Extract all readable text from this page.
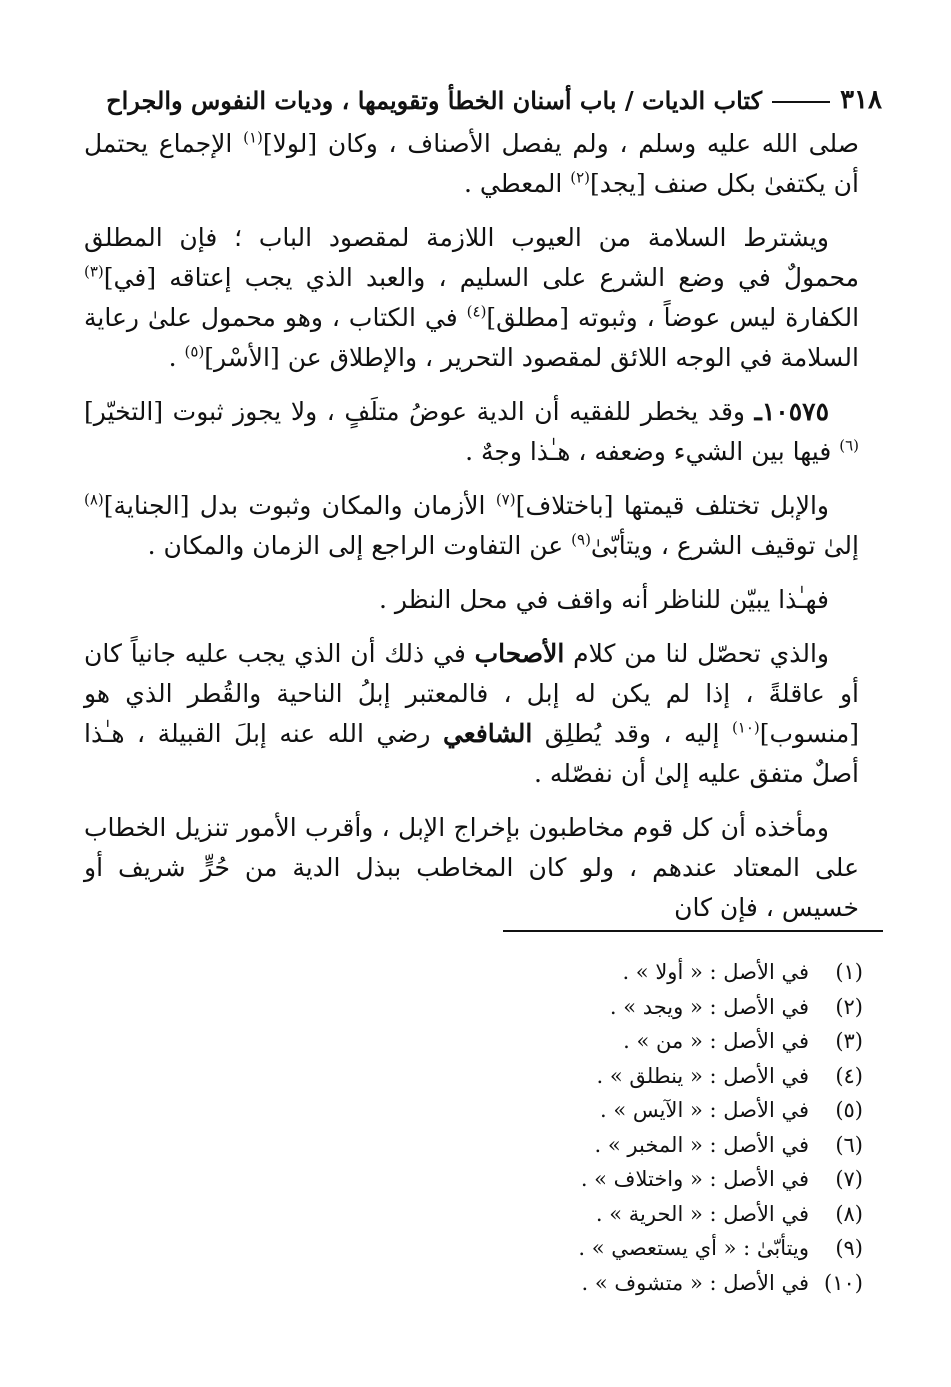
٣١٨
كتاب الديات / باب أسنان الخطأ وتقويمها ، وديات النفوس والجراح

صلى الله عليه وسلم ، ولم يفصل الأصناف ، وكان [لولا]$^{(١)}$ الإجماع يحتمل أن يكتفىٰ بكل صنف [يجد]$^{(٢)}$ المعطي .

ويشترط السلامة من العيوب اللازمة لمقصود الباب ؛ فإن المطلق محمولٌ في وضع الشرع على السليم ، والعبد الذي يجب إعتاقه [في]$^{(٣)}$ الكفارة ليس عوضاً ، وثبوته [مطلق]$^{(٤)}$ في الكتاب ، وهو محمول علىٰ رعاية السلامة في الوجه اللائق لمقصود التحرير ، والإطلاق عن [الأسْر]$^{(٥)}$ .

١٠٥٧٥ـ وقد يخطر للفقيه أن الدية عوضُ متلَفٍ ، ولا يجوز ثبوت [التخيّر]$^{(٦)}$ فيها بين الشيء وضعفه ، هـٰذا وجهٌ .

والإبل تختلف قيمتها [باختلاف]$^{(٧)}$ الأزمان والمكان وثبوت بدل [الجناية]$^{(٨)}$ إلىٰ توقيف الشرع ، ويتأبّىٰ$^{(٩)}$ عن التفاوت الراجع إلى الزمان والمكان .

فهـٰذا يبيّن للناظر أنه واقف في محل النظر .

والذي تحصّل لنا من كلام الأصحاب في ذلك أن الذي يجب عليه جانياً كان أو عاقلةً ، إذا لم يكن له إبل ، فالمعتبر إبلُ الناحية والقُطر الذي هو [منسوب]$^{(١٠)}$ إليه ، وقد يُطلِق الشافعي رضي الله عنه إبلَ القبيلة ، هـٰذا أصلٌ متفق عليه إلىٰ أن نفصّله .

ومأخذه أن كل قوم مخاطبون بإخراج الإبل ، وأقرب الأمور تنزيل الخطاب على المعتاد عندهم ، ولو كان المخاطب ببذل الدية من حُرٍّ شريف أو خسيس ، فإن كان

(١)في الأصل : « أولا » .
(٢)في الأصل : « ويجد » .
(٣)في الأصل : « من » .
(٤)في الأصل : « ينطلق » .
(٥)في الأصل : « الآيس » .
(٦)في الأصل : « المخبر » .
(٧)في الأصل : « واختلاف » .
(٨)في الأصل : « الحرية » .
(٩)ويتأبّىٰ : « أي يستعصي » .
(١٠)في الأصل : « متشوف » .
